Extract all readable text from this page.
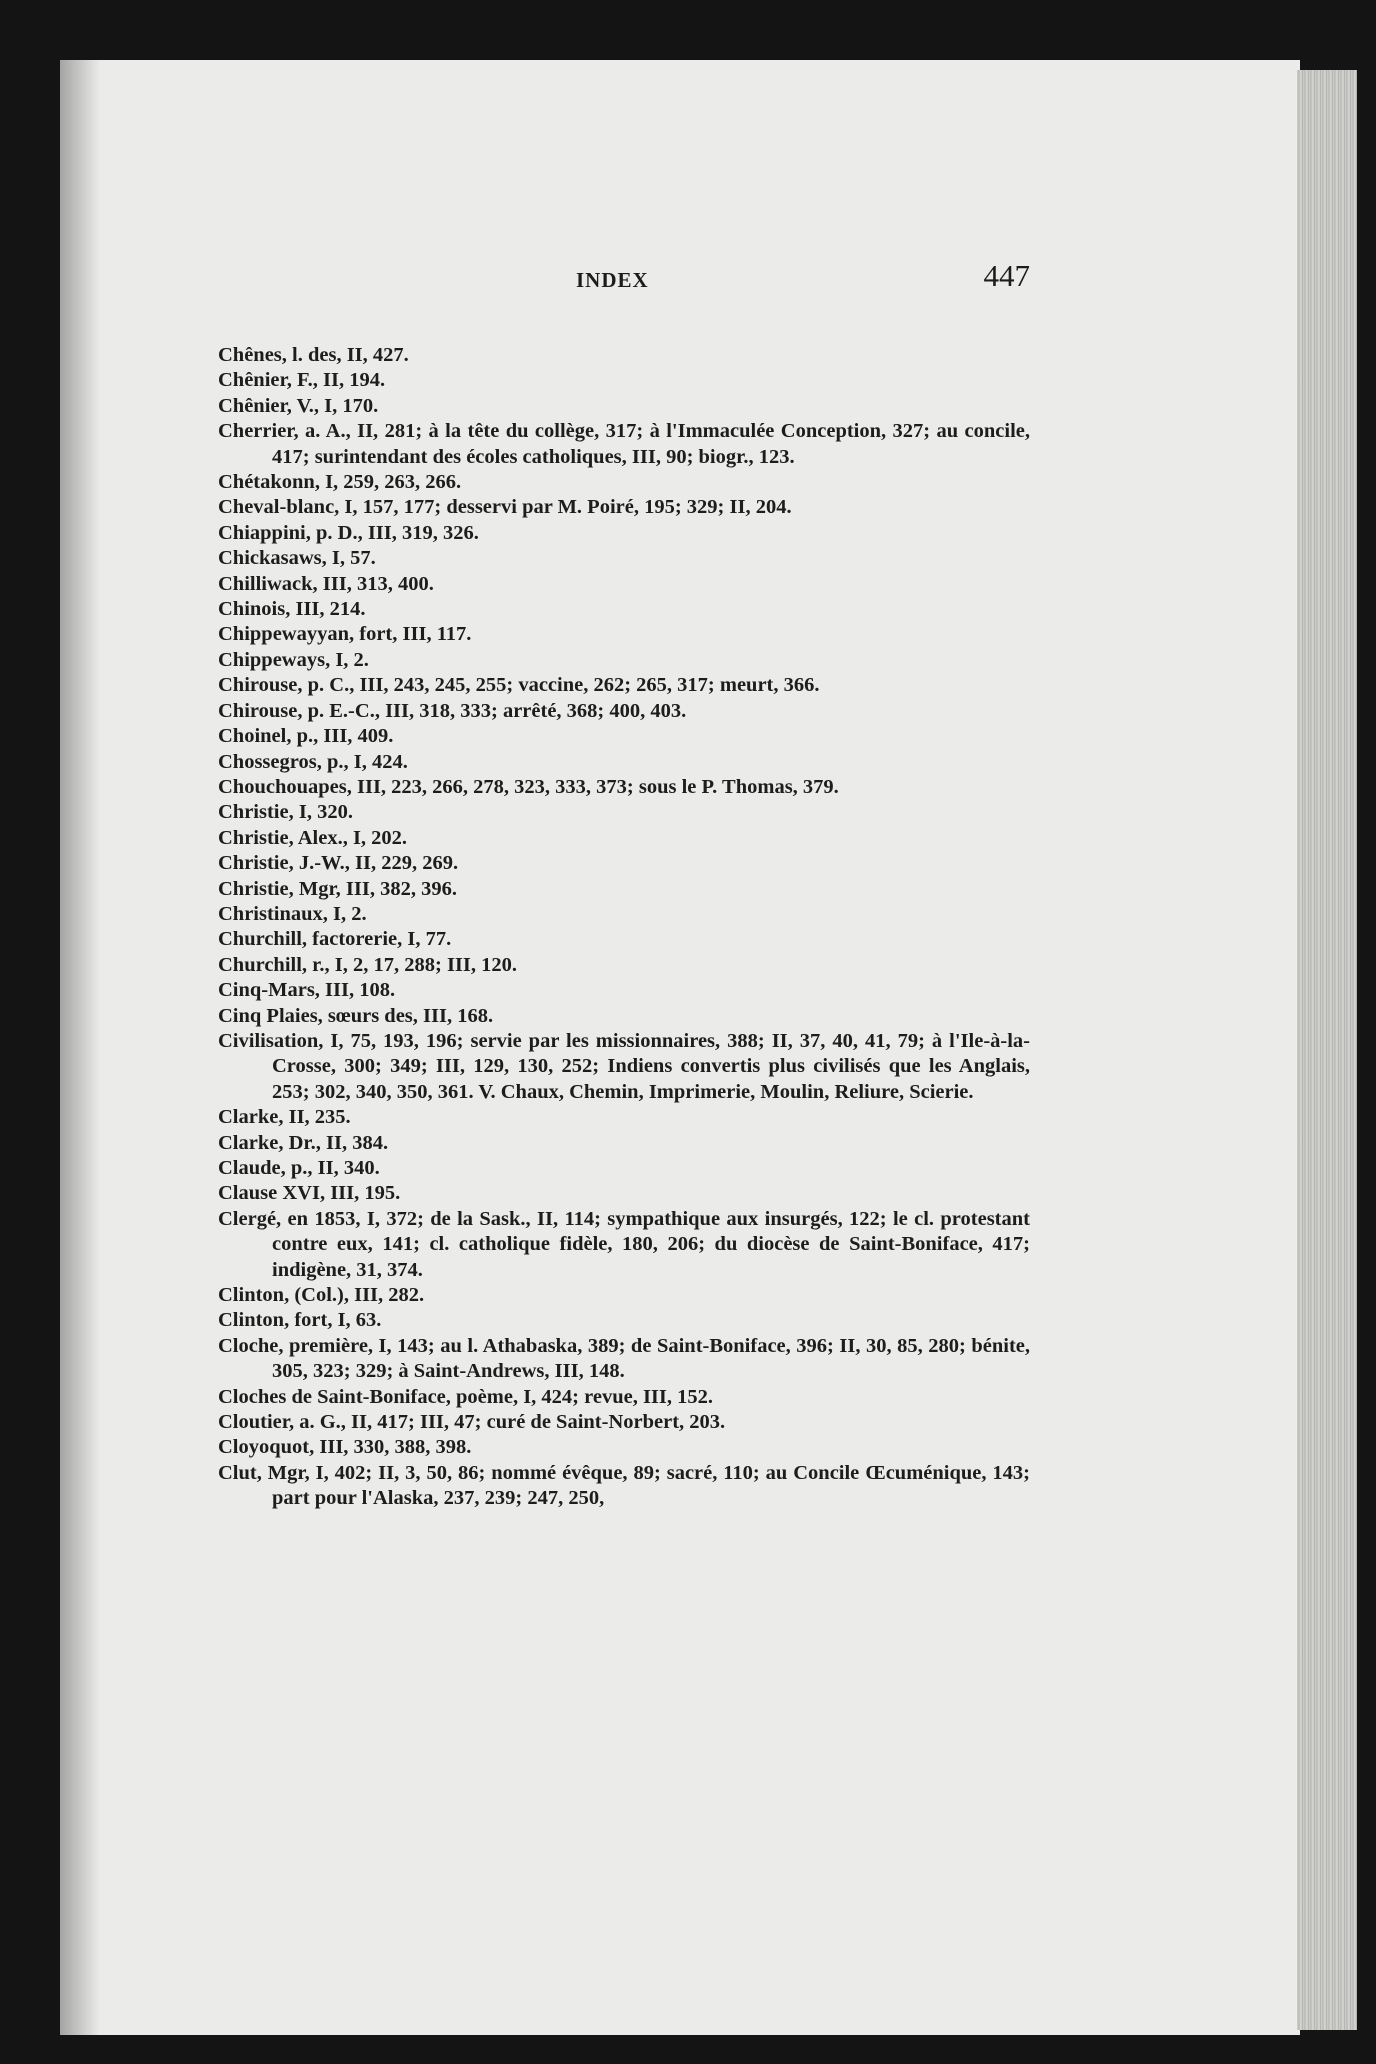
INDEX	447
Chênes, l. des, II, 427.
Chênier, F., II, 194.
Chênier, V., I, 170.
Cherrier, a. A., II, 281; à la tête du collège, 317; à l'Immaculée Conception, 327; au concile, 417; surintendant des écoles catholiques, III, 90; biogr., 123.
Chétakonn, I, 259, 263, 266.
Cheval-blanc, I, 157, 177; desservi par M. Poiré, 195; 329; II, 204.
Chiappini, p. D., III, 319, 326.
Chickasaws, I, 57.
Chilliwack, III, 313, 400.
Chinois, III, 214.
Chippewayyan, fort, III, 117.
Chippeways, I, 2.
Chirouse, p. C., III, 243, 245, 255; vaccine, 262; 265, 317; meurt, 366.
Chirouse, p. E.-C., III, 318, 333; arrêté, 368; 400, 403.
Choinel, p., III, 409.
Chossegros, p., I, 424.
Chouchouapes, III, 223, 266, 278, 323, 333, 373; sous le P. Thomas, 379.
Christie, I, 320.
Christie, Alex., I, 202.
Christie, J.-W., II, 229, 269.
Christie, Mgr, III, 382, 396.
Christinaux, I, 2.
Churchill, factorerie, I, 77.
Churchill, r., I, 2, 17, 288; III, 120.
Cinq-Mars, III, 108.
Cinq Plaies, sœurs des, III, 168.
Civilisation, I, 75, 193, 196; servie par les missionnaires, 388; II, 37, 40, 41, 79; à l'Ile-à-la-Crosse, 300; 349; III, 129, 130, 252; Indiens convertis plus civilisés que les Anglais, 253; 302, 340, 350, 361. V. Chaux, Chemin, Imprimerie, Moulin, Reliure, Scierie.
Clarke, II, 235.
Clarke, Dr., II, 384.
Claude, p., II, 340.
Clause XVI, III, 195.
Clergé, en 1853, I, 372; de la Sask., II, 114; sympathique aux insurgés, 122; le cl. protestant contre eux, 141; cl. catholique fidèle, 180, 206; du diocèse de Saint-Boniface, 417; indigène, 31, 374.
Clinton, (Col.), III, 282.
Clinton, fort, I, 63.
Cloche, première, I, 143; au l. Athabaska, 389; de Saint-Boniface, 396; II, 30, 85, 280; bénite, 305, 323; 329; à Saint-Andrews, III, 148.
Cloches de Saint-Boniface, poème, I, 424; revue, III, 152.
Cloutier, a. G., II, 417; III, 47; curé de Saint-Norbert, 203.
Cloyoquot, III, 330, 388, 398.
Clut, Mgr, I, 402; II, 3, 50, 86; nommé évêque, 89; sacré, 110; au Concile Œcuménique, 143; part pour l'Alaska, 237, 239; 247, 250,
